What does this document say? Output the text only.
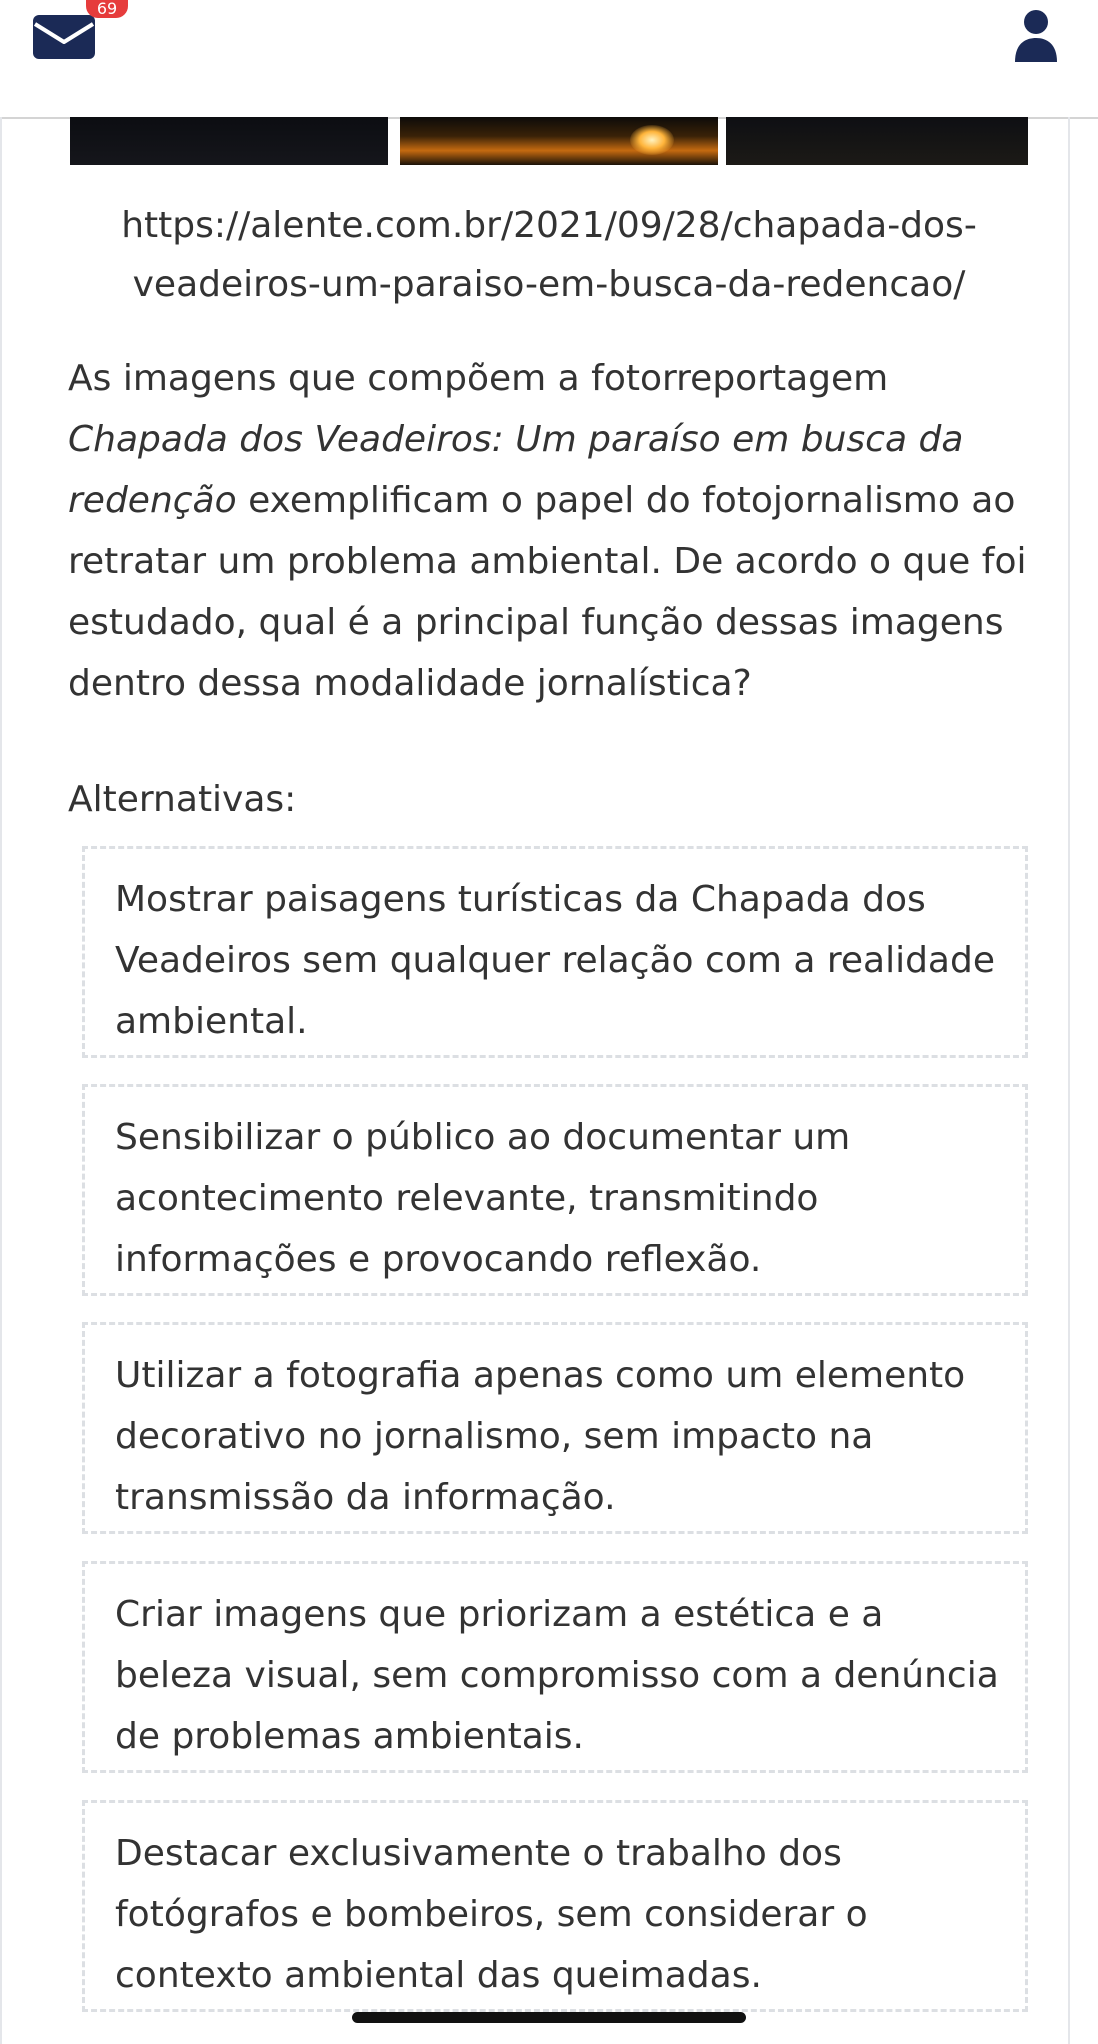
69
https://alente.com.br/2021/09/28/chapada-dos-veadeiros-um-paraiso-em-busca-da-redencao/
As imagens que compõem a fotorreportagem Chapada dos Veadeiros: Um paraíso em busca da redenção exemplificam o papel do fotojornalismo ao retratar um problema ambiental. De acordo o que foi estudado, qual é a principal função dessas imagens dentro dessa modalidade jornalística?
Alternativas:
Mostrar paisagens turísticas da Chapada dos Veadeiros sem qualquer relação com a realidade ambiental.
Sensibilizar o público ao documentar um acontecimento relevante, transmitindo informações e provocando reflexão.
Utilizar a fotografia apenas como um elemento decorativo no jornalismo, sem impacto na transmissão da informação.
Criar imagens que priorizam a estética e a beleza visual, sem compromisso com a denúncia de problemas ambientais.
Destacar exclusivamente o trabalho dos fotógrafos e bombeiros, sem considerar o contexto ambiental das queimadas.
